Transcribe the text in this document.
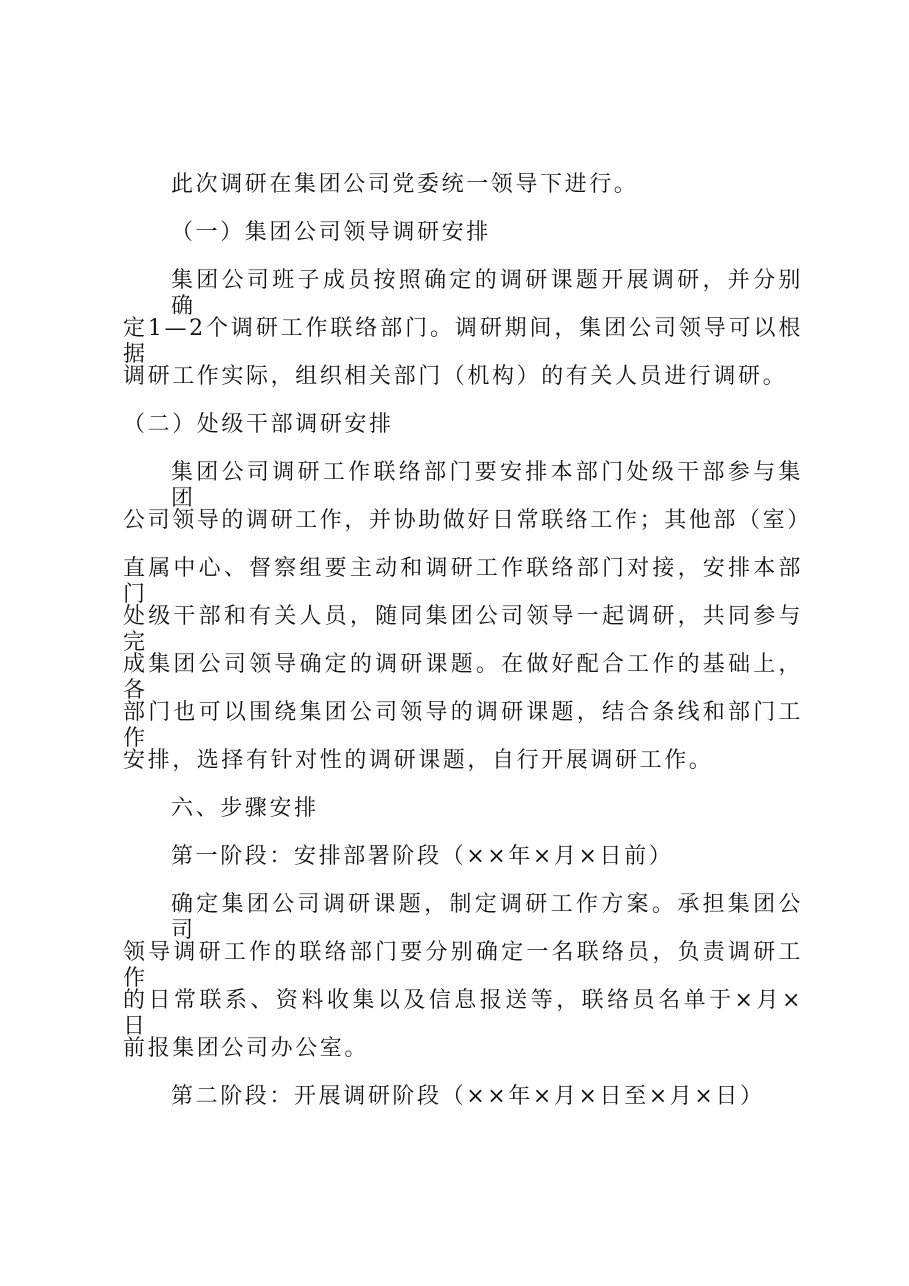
此次调研在集团公司党委统一领导下进行。
（一）集团公司领导调研安排
集团公司班子成员按照确定的调研课题开展调研，并分别确
定1—2个调研工作联络部门。调研期间，集团公司领导可以根据
调研工作实际，组织相关部门（机构）的有关人员进行调研。
（二）处级干部调研安排
集团公司调研工作联络部门要安排本部门处级干部参与集团
公司领导的调研工作，并协助做好日常联络工作；其他部（室）
直属中心、督察组要主动和调研工作联络部门对接，安排本部门
处级干部和有关人员，随同集团公司领导一起调研，共同参与完
成集团公司领导确定的调研课题。在做好配合工作的基础上，各
部门也可以围绕集团公司领导的调研课题，结合条线和部门工作
安排，选择有针对性的调研课题，自行开展调研工作。
六、步骤安排
第一阶段：安排部署阶段（××年×月×日前）
确定集团公司调研课题，制定调研工作方案。承担集团公司
领导调研工作的联络部门要分别确定一名联络员，负责调研工作
的日常联系、资料收集以及信息报送等，联络员名单于×月×日
前报集团公司办公室。
第二阶段：开展调研阶段（××年×月×日至×月×日）
